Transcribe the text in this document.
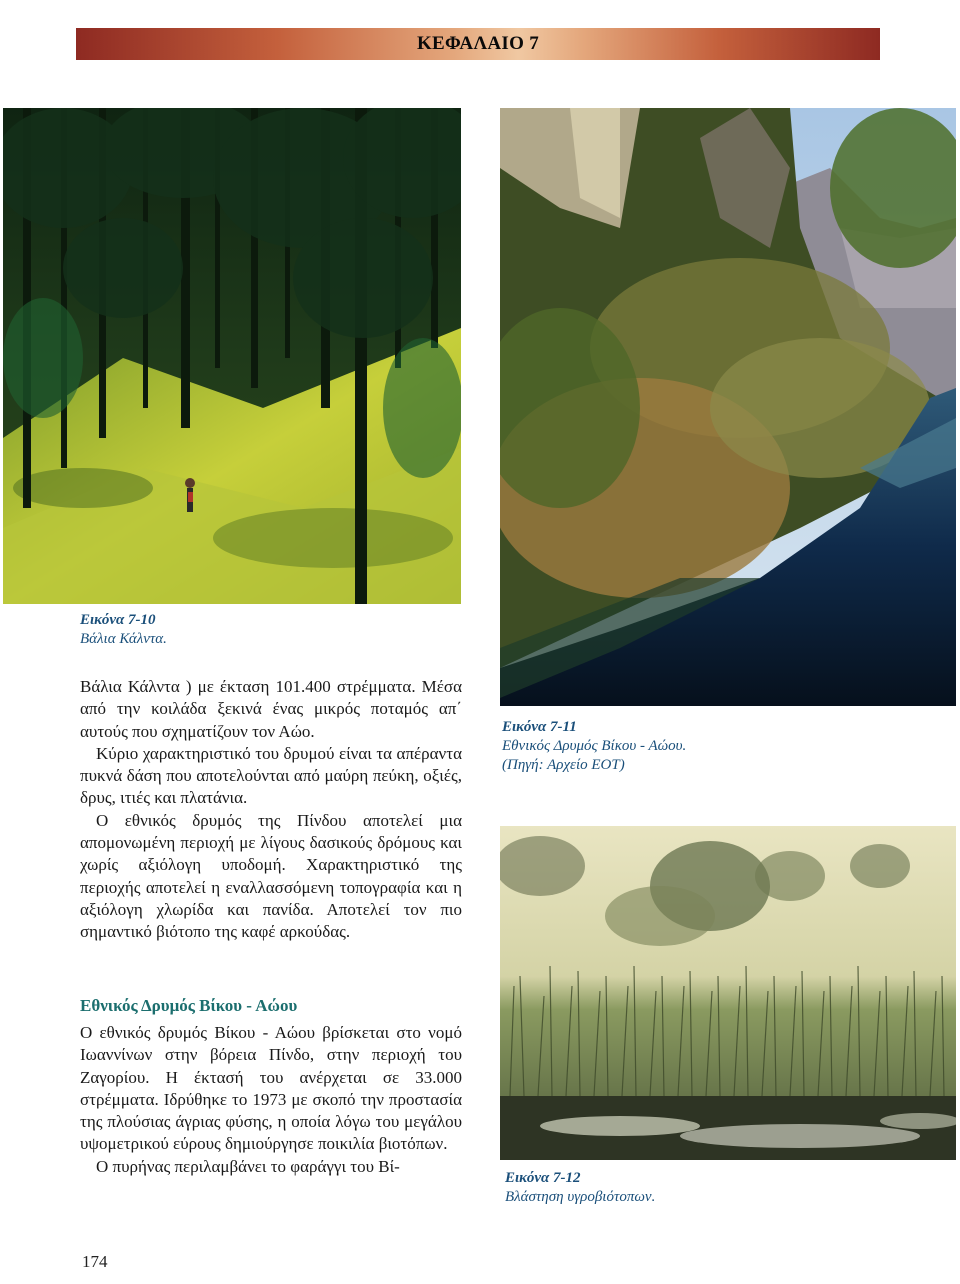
ΚΕΦΑΛΑΙΟ 7
Εικόνα 7-10
Βάλια Κάλντα.
Εικόνα 7-11
Εθνικός Δρυμός Βίκου - Αώου.
(Πηγή: Αρχείο ΕΟΤ)
Εικόνα 7-12
Βλάστηση υγροβιότοπων.

Βάλια Κάλντα ) με έκταση 101.400 στρέμματα. Μέσα από την κοιλάδα ξεκινά ένας μικρός ποταμός απ΄ αυτούς που σχηματίζουν τον Αώο.

Κύριο χαρακτηριστικό του δρυμού είναι τα απέραντα πυκνά δάση που αποτελούνται από μαύρη πεύκη, οξιές, δρυς, ιτιές και πλατάνια.

Ο εθνικός δρυμός της Πίνδου αποτελεί μια απομονωμένη περιοχή με λίγους δασικούς δρόμους και χωρίς αξιόλογη υποδομή. Χαρακτηριστικό της περιοχής αποτελεί η εναλλασσόμενη τοπογραφία και η αξιόλογη χλωρίδα και πανίδα. Αποτελεί τον πιο σημαντικό βιότοπο της καφέ αρκούδας.

Εθνικός Δρυμός Βίκου - Αώου

Ο εθνικός δρυμός Βίκου - Αώου βρίσκεται στο νομό Ιωαννίνων στην βόρεια Πίνδο, στην περιοχή του Ζαγορίου. Η έκτασή του ανέρχεται σε 33.000 στρέμματα. Ιδρύθηκε το 1973 με σκοπό την προστασία της πλούσιας άγριας φύσης, η οποία λόγω του μεγάλου υψομετρικού εύρους δημιούργησε ποικιλία βιοτόπων.

Ο πυρήνας περιλαμβάνει το φαράγγι του Βί-

174
